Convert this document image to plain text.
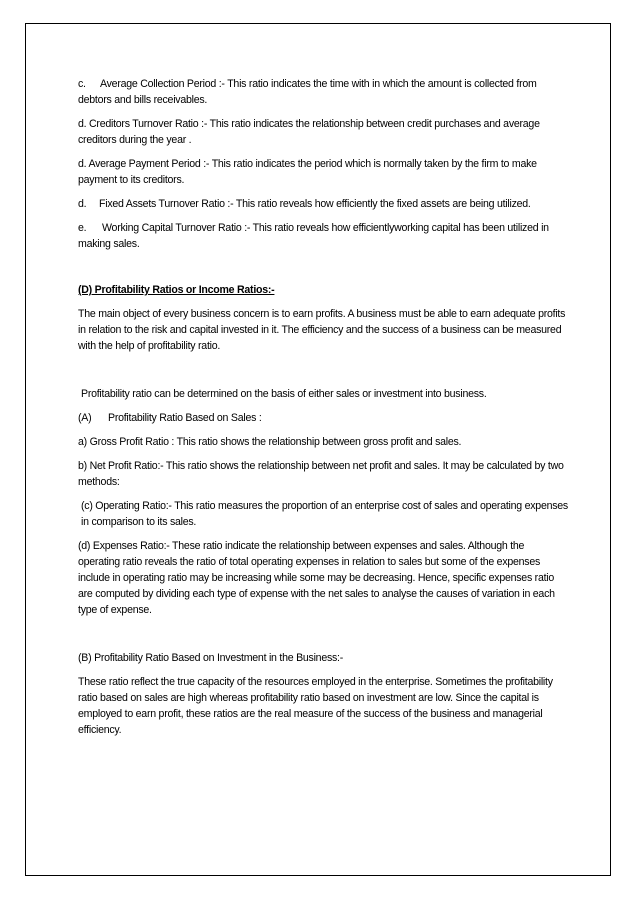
c. Average Collection Period :- This ratio indicates the time with in which the amount is collected from debtors and bills receivables.

d. Creditors Turnover Ratio :- This ratio indicates the relationship between credit purchases and average creditors during the year .

d. Average Payment Period :- This ratio indicates the period which is normally taken by the firm to make payment to its creditors.

d. Fixed Assets Turnover Ratio :- This ratio reveals how efficiently the fixed assets are being utilized.

e. Working Capital Turnover Ratio :- This ratio reveals how efficientlyworking capital has been utilized in making sales.

(D) Profitability Ratios or Income Ratios:-

The main object of every business concern is to earn profits. A business must be able to earn adequate profits in relation to the risk and capital invested in it. The efficiency and the success of a business can be measured with the help of profitability ratio.

Profitability ratio can be determined on the basis of either sales or investment into business.

(A) Profitability Ratio Based on Sales :

a) Gross Profit Ratio : This ratio shows the relationship between gross profit and sales.

b) Net Profit Ratio:- This ratio shows the relationship between net profit and sales. It may be calculated by two methods:

(c) Operating Ratio:- This ratio measures the proportion of an enterprise cost of sales and operating expenses in comparison to its sales.

(d) Expenses Ratio:- These ratio indicate the relationship between expenses and sales. Although the operating ratio reveals the ratio of total operating expenses in relation to sales but some of the expenses include in operating ratio may be increasing while some may be decreasing. Hence, specific expenses ratio are computed by dividing each type of expense with the net sales to analyse the causes of variation in each type of expense.

(B) Profitability Ratio Based on Investment in the Business:-

These ratio reflect the true capacity of the resources employed in the enterprise. Sometimes the profitability ratio based on sales are high whereas profitability ratio based on investment are low. Since the capital is employed to earn profit, these ratios are the real measure of the success of the business and managerial efficiency.
